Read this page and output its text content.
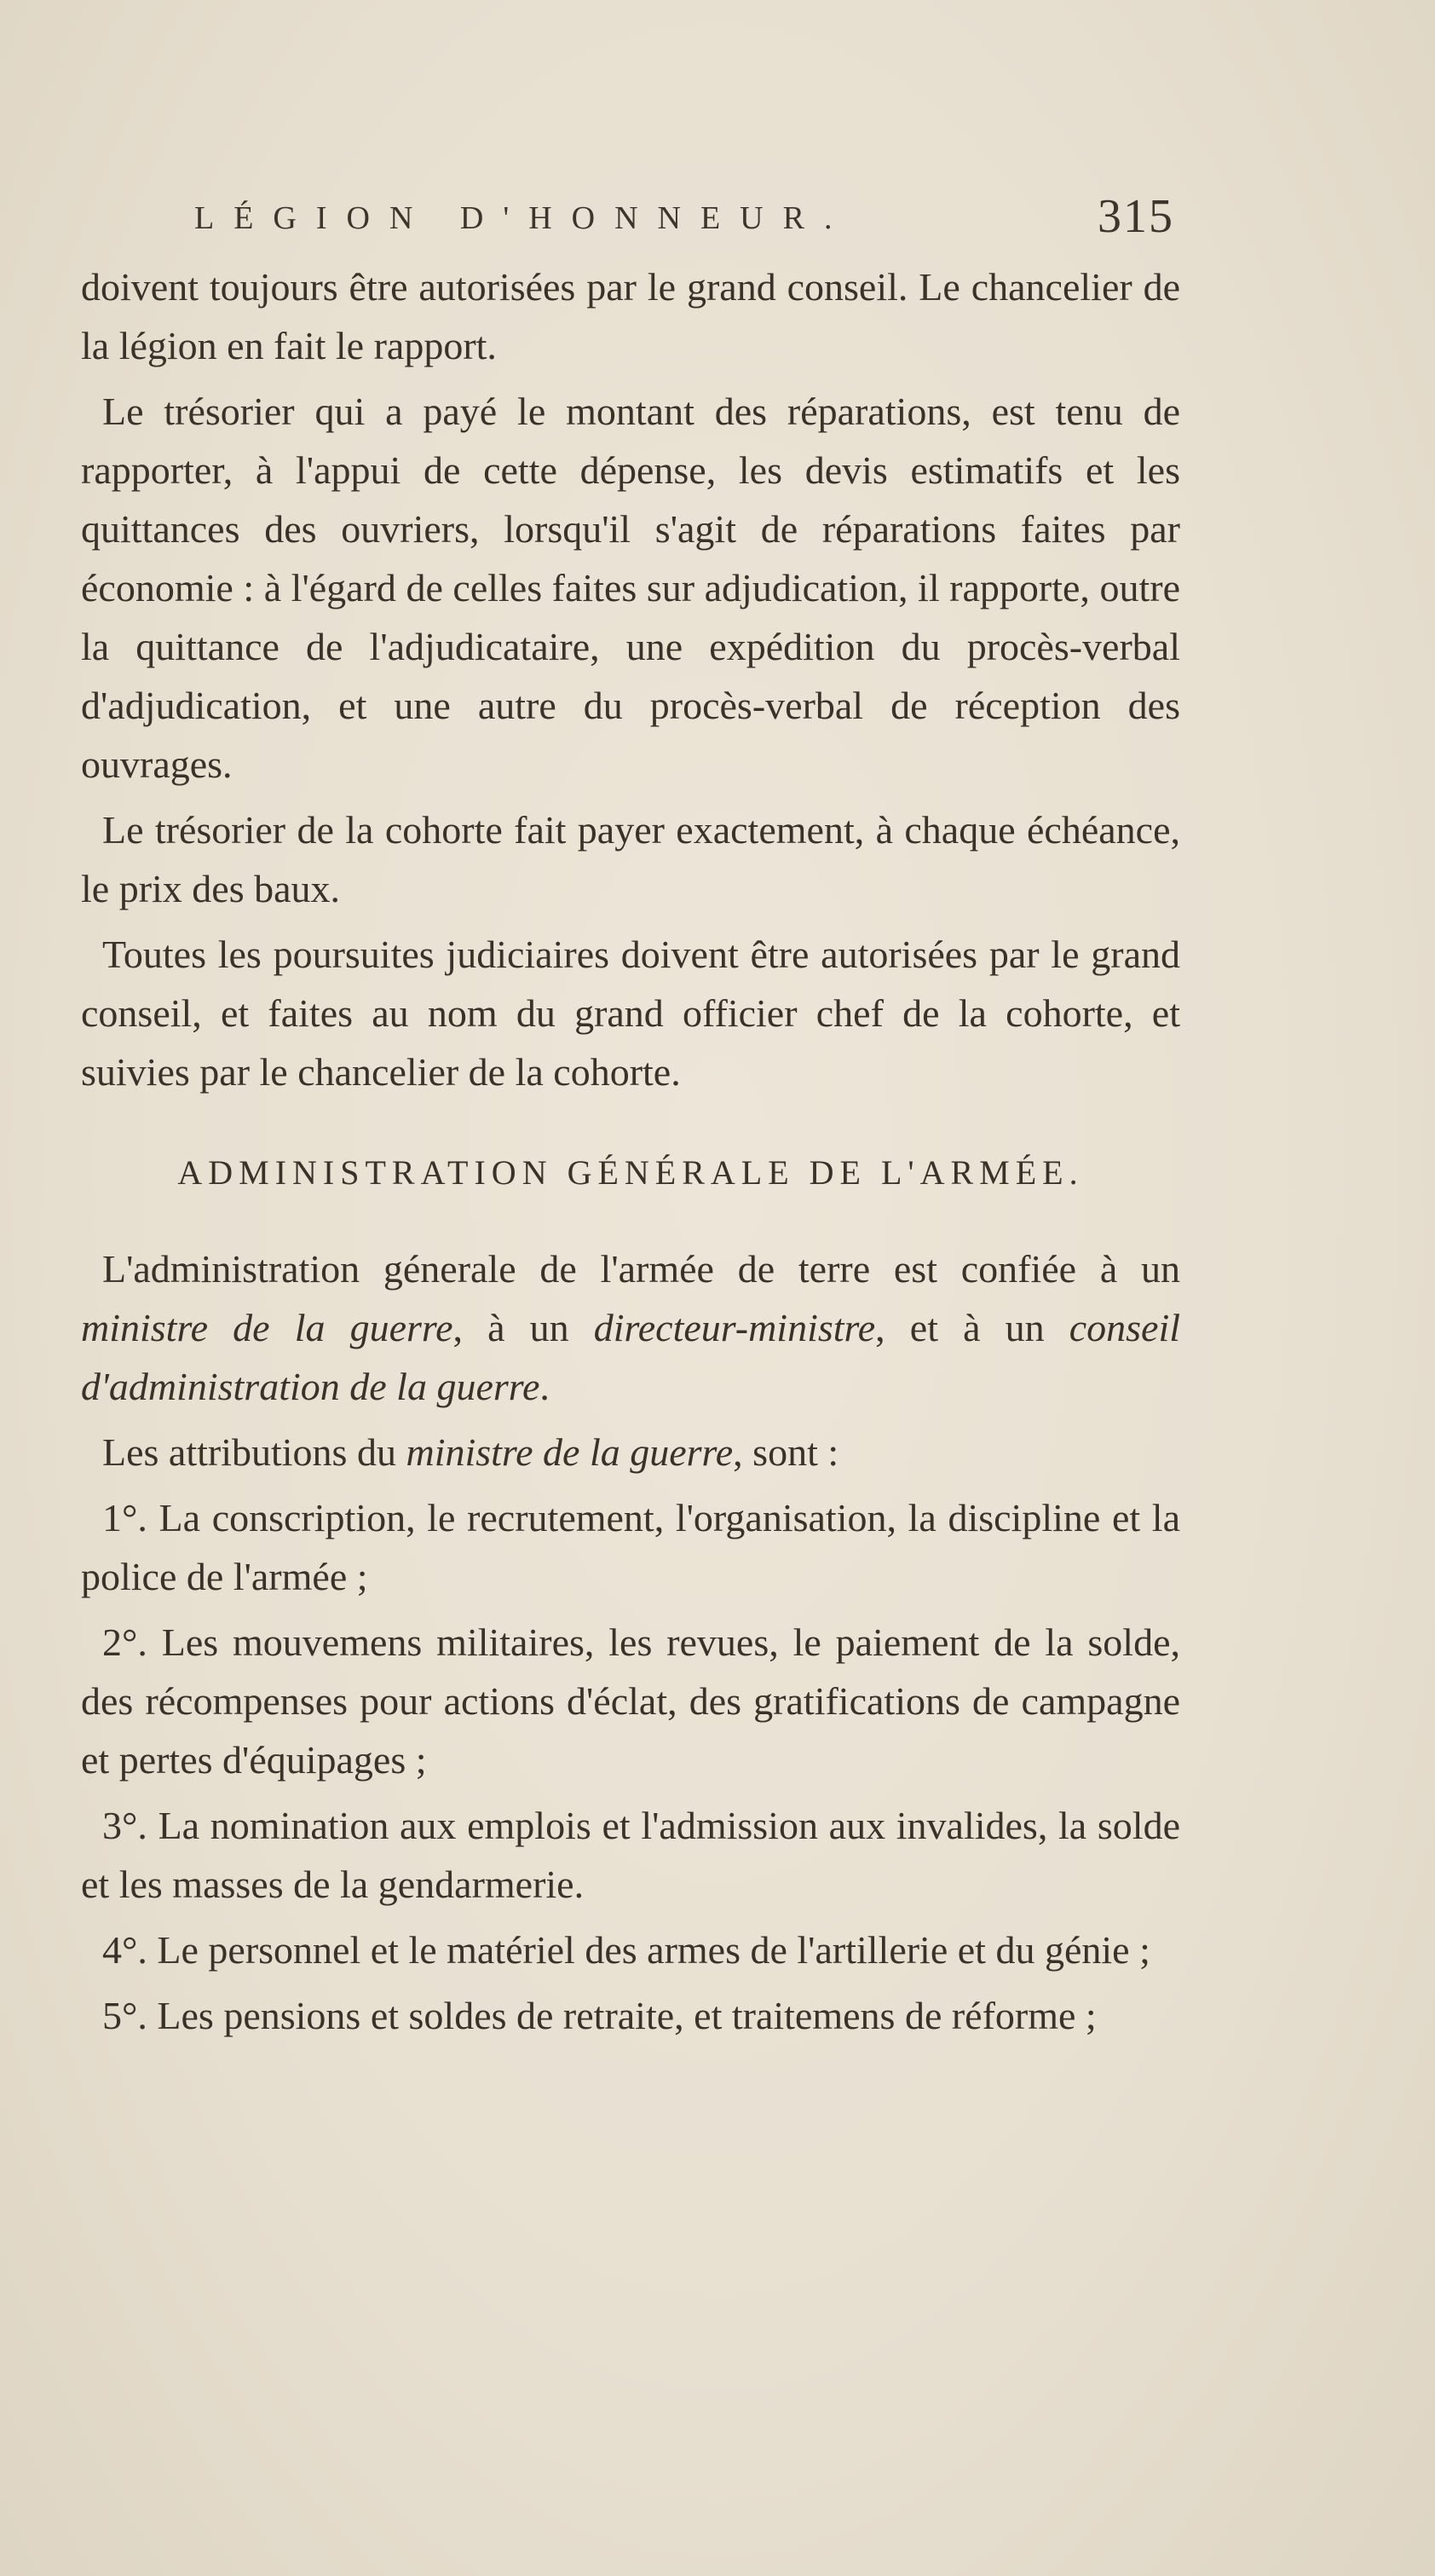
LÉGION D'HONNEUR.	315

doivent toujours être autorisées par le grand conseil. Le chancelier de la légion en fait le rapport.

Le trésorier qui a payé le montant des réparations, est tenu de rapporter, à l'appui de cette dépense, les devis estimatifs et les quittances des ouvriers, lorsqu'il s'agit de réparations faites par économie : à l'égard de celles faites sur adjudication, il rapporte, outre la quittance de l'adjudicataire, une expédition du procès-verbal d'adjudication, et une autre du procès-verbal de réception des ouvrages.

Le trésorier de la cohorte fait payer exactement, à chaque échéance, le prix des baux.

Toutes les poursuites judiciaires doivent être autorisées par le grand conseil, et faites au nom du grand officier chef de la cohorte, et suivies par le chancelier de la cohorte.

ADMINISTRATION GÉNÉRALE DE L'ARMÉE.

L'administration génerale de l'armée de terre est confiée à un ministre de la guerre, à un directeur-ministre, et à un conseil d'administration de la guerre.

Les attributions du ministre de la guerre, sont :

1°. La conscription, le recrutement, l'organisation, la discipline et la police de l'armée ;

2°. Les mouvemens militaires, les revues, le paiement de la solde, des récompenses pour actions d'éclat, des gratifications de campagne et pertes d'équipages ;

3°. La nomination aux emplois et l'admission aux invalides, la solde et les masses de la gendarmerie.

4°. Le personnel et le matériel des armes de l'artillerie et du génie ;

5°. Les pensions et soldes de retraite, et traitemens de réforme ;
